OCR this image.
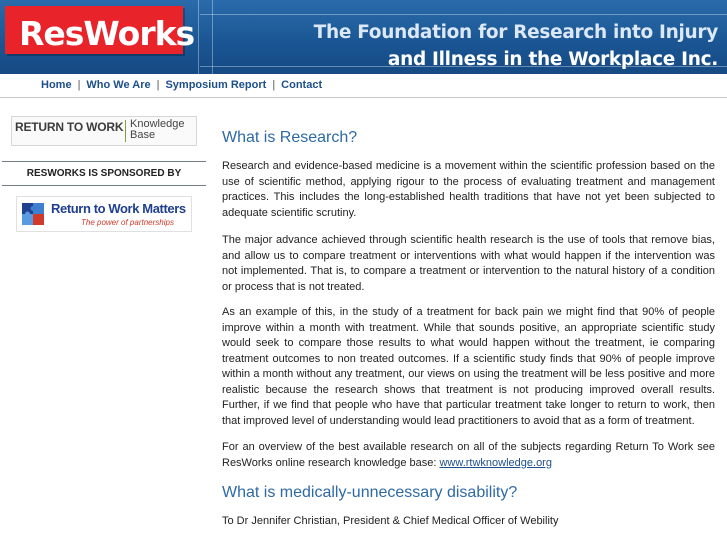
ResWorks	The Foundation for Research into Injury
and Illness in the Workplace Inc.
Home | Who We Are | Symposium Report | Contact
RETURN TO WORK Knowledge
Base
RESWORKS IS SPONSORED BY
Return to Work Matters
The power of partnerships
What is Research?

Research and evidence-based medicine is a movement within the scientific profession based on the use of scientific method, applying rigour to the process of evaluating treatment and management practices. This includes the long-established health traditions that have not yet been subjected to adequate scientific scrutiny.

The major advance achieved through scientific health research is the use of tools that remove bias, and allow us to compare treatment or interventions with what would happen if the intervention was not implemented. That is, to compare a treatment or intervention to the natural history of a condition or process that is not treated.

As an example of this, in the study of a treatment for back pain we might find that 90% of people improve within a month with treatment. While that sounds positive, an appropriate scientific study would seek to compare those results to what would happen without the treatment, ie comparing treatment outcomes to non treated outcomes. If a scientific study finds that 90% of people improve within a month without any treatment, our views on using the treatment will be less positive and more realistic because the research shows that treatment is not producing improved overall results. Further, if we find that people who have that particular treatment take longer to return to work, then that improved level of understanding would lead practitioners to avoid that as a form of treatment.

For an overview of the best available research on all of the subjects regarding Return To Work see ResWorks online research knowledge base: www.rtwknowledge.org

What is medically-unnecessary disability?

To Dr Jennifer Christian, President & Chief Medical Officer of Webility
